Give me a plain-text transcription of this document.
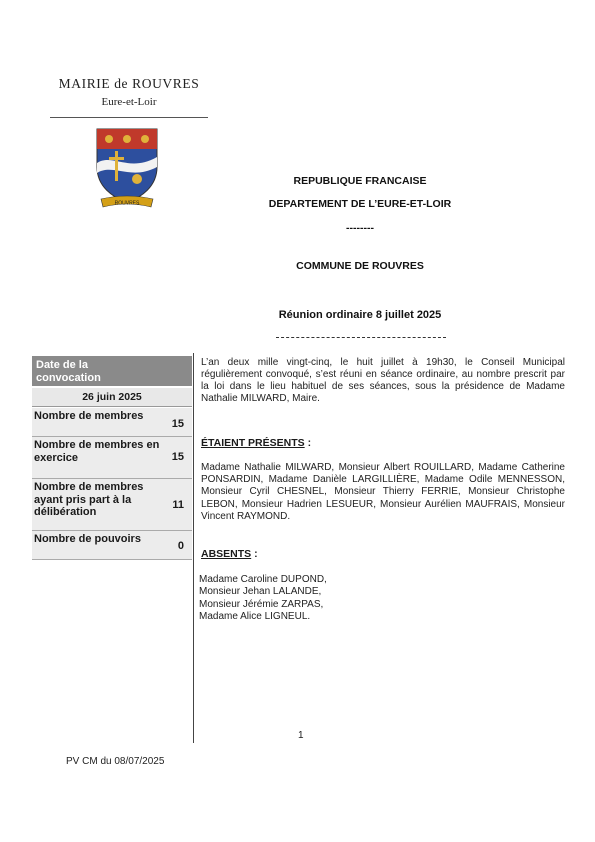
MAIRIE de ROUVRES
Eure-et-Loir
ROUVRES
REPUBLIQUE FRANCAISE
DEPARTEMENT DE L’EURE-ET-LOIR
--------
COMMUNE DE ROUVRES
Réunion ordinaire 8 juillet 2025
Date de la convocation
26 juin 2025
Nombre de membres
15
Nombre de membres en exercice	15
Nombre de membres ayant pris part à la délibération
11
Nombre de pouvoirs
0
L’an deux mille vingt-cinq, le huit juillet à 19h30, le Conseil Municipal régulièrement convoqué, s’est réuni en séance ordinaire, au nombre prescrit par la loi dans le lieu habituel de ses séances, sous la présidence de Madame Nathalie MILWARD, Maire.
ÉTAIENT PRÉSENTS :
Madame Nathalie MILWARD, Monsieur Albert ROUILLARD, Madame Catherine PONSARDIN, Madame Danièle LARGILLIÈRE, Madame Odile MENNESSON, Monsieur Cyril CHESNEL, Monsieur Thierry FERRIE, Monsieur Christophe LEBON, Monsieur Hadrien LESUEUR, Monsieur Aurélien MAUFRAIS, Monsieur Vincent RAYMOND.
ABSENTS :
Madame Caroline DUPOND,
Monsieur Jehan LALANDE,
Monsieur Jérémie ZARPAS,
Madame Alice LIGNEUL.
1
PV CM du 08/07/2025
